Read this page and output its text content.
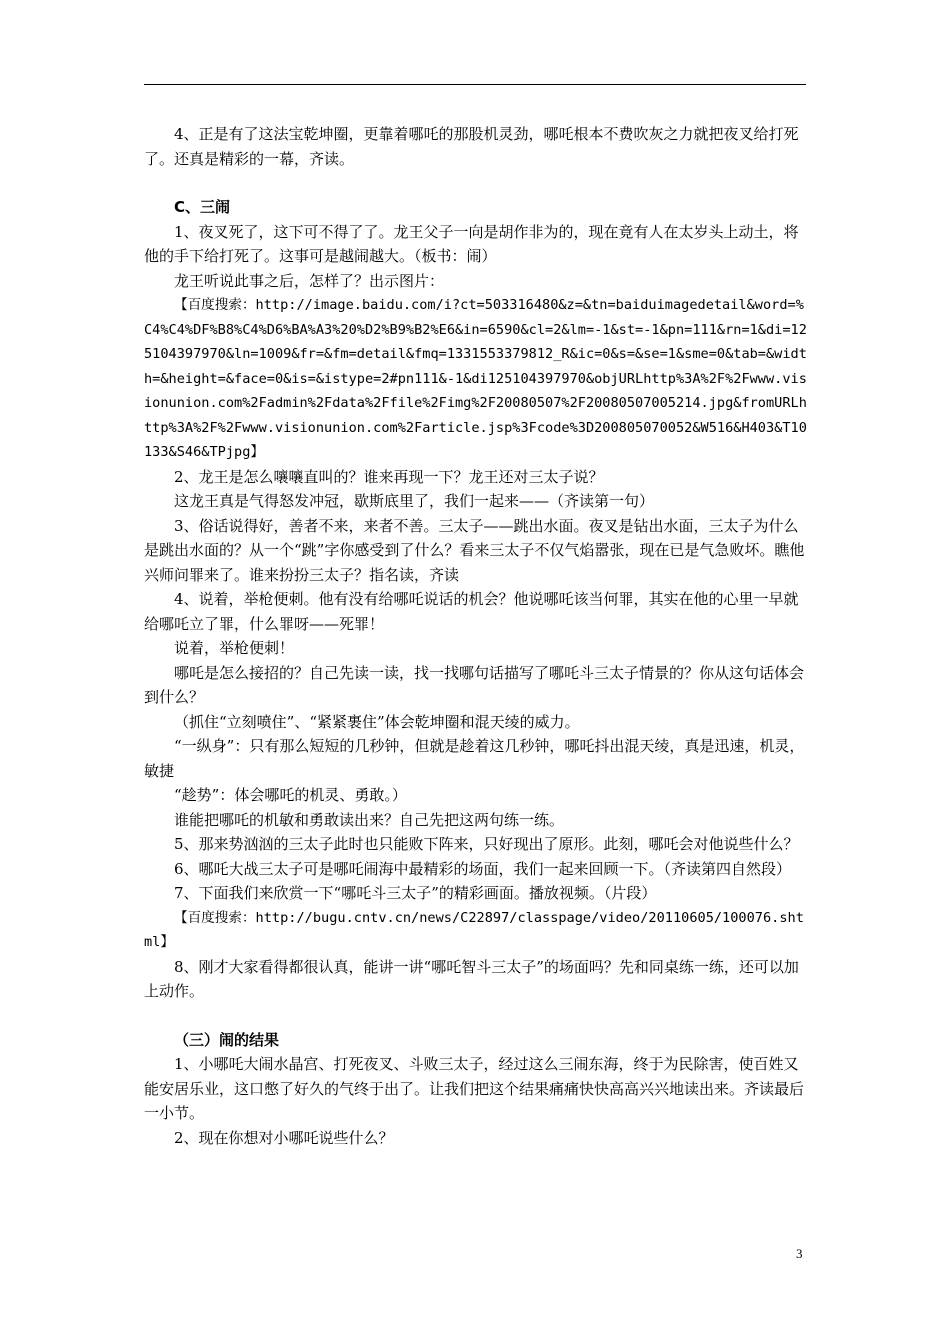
4、正是有了这法宝乾坤圈，更靠着哪吒的那股机灵劲，哪吒根本不费吹灰之力就把夜叉给打死了。还真是精彩的一幕，齐读。

C、三闹

1、夜叉死了，这下可不得了了。龙王父子一向是胡作非为的，现在竟有人在太岁头上动土，将他的手下给打死了。这事可是越闹越大。（板书：闹）

龙王听说此事之后，怎样了？出示图片：

【百度搜索：http://image.baidu.com/i?ct=503316480&z=&tn=baiduimagedetail&word=%C4%C4%DF%B8%C4%D6%BA%A3%20%D2%B9%B2%E6&in=6590&cl=2&lm=-1&st=-1&pn=111&rn=1&di=125104397970&ln=1009&fr=&fm=detail&fmq=1331553379812_R&ic=0&s=&se=1&sme=0&tab=&width=&height=&face=0&is=&istype=2#pn111&-1&di125104397970&objURLhttp%3A%2F%2Fwww.visionunion.com%2Fadmin%2Fdata%2Ffile%2Fimg%2F20080507%2F20080507005214.jpg&fromURLhttp%3A%2F%2Fwww.visionunion.com%2Farticle.jsp%3Fcode%3D200805070052&W516&H403&T10133&S46&TPjpg】

2、龙王是怎么嚷嚷直叫的？谁来再现一下？龙王还对三太子说？

这龙王真是气得怒发冲冠，歇斯底里了，我们一起来——（齐读第一句）

3、俗话说得好，善者不来，来者不善。三太子——跳出水面。夜叉是钻出水面，三太子为什么是跳出水面的？从一个“跳”字你感受到了什么？看来三太子不仅气焰嚣张，现在已是气急败坏。瞧他兴师问罪来了。谁来扮扮三太子？指名读，齐读

4、说着，举枪便刺。他有没有给哪吒说话的机会？他说哪吒该当何罪，其实在他的心里一早就给哪吒立了罪，什么罪呀——死罪！

说着，举枪便刺！

哪吒是怎么接招的？自己先读一读，找一找哪句话描写了哪吒斗三太子情景的？你从这句话体会到什么？

（抓住“立刻喷住”、“紧紧裹住”体会乾坤圈和混天绫的威力。

“一纵身”：只有那么短短的几秒钟，但就是趁着这几秒钟，哪吒抖出混天绫，真是迅速，机灵，敏捷

“趁势”：体会哪吒的机灵、勇敢。）

谁能把哪吒的机敏和勇敢读出来？自己先把这两句练一练。

5、那来势汹汹的三太子此时也只能败下阵来，只好现出了原形。此刻，哪吒会对他说些什么？

6、哪吒大战三太子可是哪吒闹海中最精彩的场面，我们一起来回顾一下。（齐读第四自然段）

7、下面我们来欣赏一下“哪吒斗三太子”的精彩画面。播放视频。（片段）

【百度搜索：http://bugu.cntv.cn/news/C22897/classpage/video/20110605/100076.shtml】

8、刚才大家看得都很认真，能讲一讲“哪吒智斗三太子”的场面吗？先和同桌练一练，还可以加上动作。

（三）闹的结果

1、小哪吒大闹水晶宫、打死夜叉、斗败三太子，经过这么三闹东海，终于为民除害，使百姓又能安居乐业，这口憋了好久的气终于出了。让我们把这个结果痛痛快快高高兴兴地读出来。齐读最后一小节。

2、现在你想对小哪吒说些什么？

3
